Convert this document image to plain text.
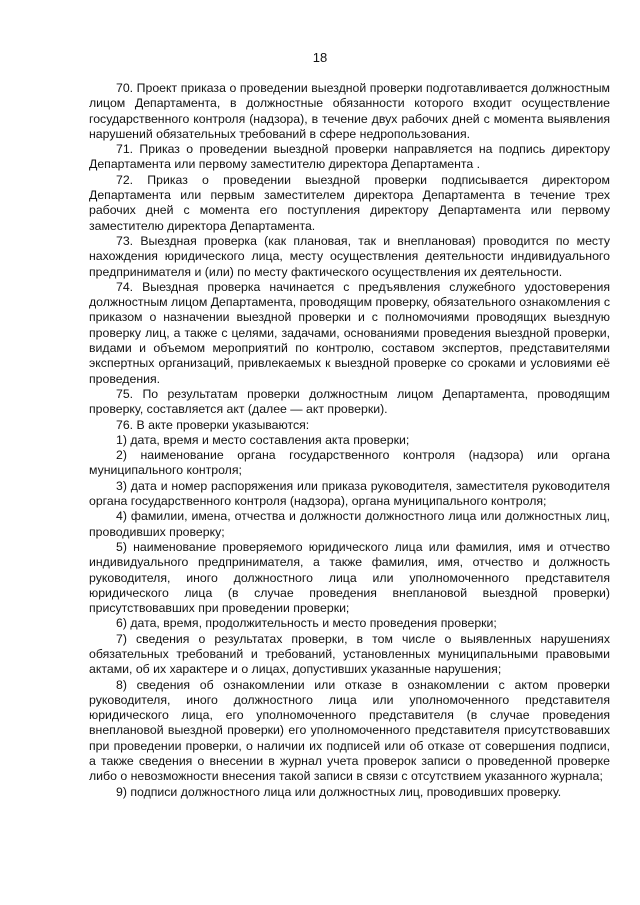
18

70. Проект приказа о проведении выездной проверки подготавливается должностным лицом Департамента, в должностные обязанности которого входит осуществление государственного контроля (надзора), в течение двух рабочих дней с момента выявления нарушений обязательных требований в сфере недропользования.

71. Приказ о проведении выездной проверки направляется на подпись директору Департамента или первому заместителю директора Департамента .

72. Приказ о проведении выездной проверки подписывается директором Департамента или первым заместителем директора Департамента в течение трех рабочих дней с момента его поступления директору Департамента или первому заместителю директора Департамента.

73. Выездная проверка (как плановая, так и внеплановая) проводится по месту нахождения юридического лица, месту осуществления деятельности индивидуального предпринимателя и (или) по месту фактического осуществления их деятельности.

74. Выездная проверка начинается с предъявления служебного удостоверения должностным лицом Департамента, проводящим проверку, обязательного ознакомления с приказом о назначении выездной проверки и с полномочиями проводящих выездную проверку лиц, а также с целями, задачами, основаниями проведения выездной проверки, видами и объемом мероприятий по контролю, составом экспертов, представителями экспертных организаций, привлекаемых к выездной проверке со сроками и условиями её проведения.

75. По результатам проверки должностным лицом Департамента, проводящим проверку, составляется акт (далее — акт проверки).

76. В акте проверки указываются:

1) дата, время и место составления акта проверки;

2) наименование органа государственного контроля (надзора) или органа муниципального контроля;

3) дата и номер распоряжения или приказа руководителя, заместителя руководителя органа государственного контроля (надзора), органа муниципального контроля;

4) фамилии, имена, отчества и должности должностного лица или должностных лиц, проводивших проверку;

5) наименование проверяемого юридического лица или фамилия, имя и отчество индивидуального предпринимателя, а также фамилия, имя, отчество и должность руководителя, иного должностного лица или уполномоченного представителя юридического лица (в случае проведения внеплановой выездной проверки) присутствовавших при проведении проверки;

6) дата, время, продолжительность и место проведения проверки;

7) сведения о результатах проверки, в том числе о выявленных нарушениях обязательных требований и требований, установленных муниципальными правовыми актами, об их характере и о лицах, допустивших указанные нарушения;

8) сведения об ознакомлении или отказе в ознакомлении с актом проверки руководителя, иного должностного лица или уполномоченного представителя юридического лица, его уполномоченного представителя (в случае проведения внеплановой выездной проверки) его уполномоченного представителя присутствовавших при проведении проверки, о наличии их подписей или об отказе от совершения подписи, а также сведения о внесении в журнал учета проверок записи о проведенной проверке либо о невозможности внесения такой записи в связи с отсутствием указанного журнала;

9) подписи должностного лица или должностных лиц, проводивших проверку.
